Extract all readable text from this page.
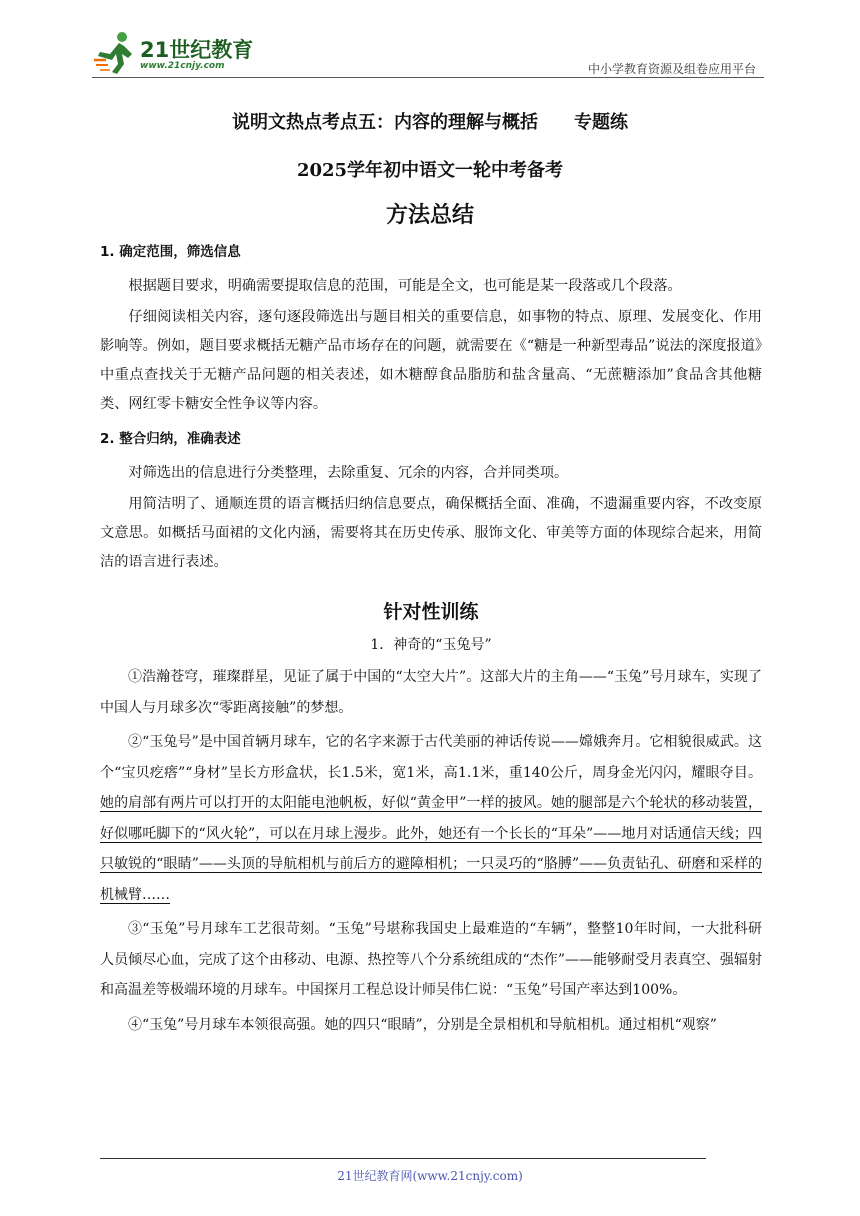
21世纪教育
www.21cnjy.com	中小学教育资源及组卷应用平台
说明文热点考点五：内容的理解与概括　　专题练
2025学年初中语文一轮中考备考
方法总结
1. 确定范围，筛选信息

根据题目要求，明确需要提取信息的范围，可能是全文，也可能是某一段落或几个段落。

仔细阅读相关内容，逐句逐段筛选出与题目相关的重要信息，如事物的特点、原理、发展变化、作用影响等。例如，题目要求概括无糖产品市场存在的问题，就需要在《“糖是一种新型毒品”说法的深度报道》中重点查找关于无糖产品问题的相关表述，如木糖醇食品脂肪和盐含量高、“无蔗糖添加”食品含其他糖类、网红零卡糖安全性争议等内容。

2. 整合归纳，准确表述

对筛选出的信息进行分类整理，去除重复、冗余的内容，合并同类项。

用简洁明了、通顺连贯的语言概括归纳信息要点，确保概括全面、准确，不遗漏重要内容，不改变原文意思。如概括马面裙的文化内涵，需要将其在历史传承、服饰文化、审美等方面的体现综合起来，用简洁的语言进行表述。

针对性训练
1．神奇的“玉兔号”

①浩瀚苍穹，璀璨群星，见证了属于中国的“太空大片”。这部大片的主角——“玉兔”号月球车，实现了中国人与月球多次“零距离接触”的梦想。

②“玉兔号”是中国首辆月球车，它的名字来源于古代美丽的神话传说——嫦娥奔月。它相貌很威武。这个“宝贝疙瘩”“身材”呈长方形盒状，长1.5米，宽1米，高1.1米，重140公斤，周身金光闪闪，耀眼夺目。她的肩部有两片可以打开的太阳能电池帆板，好似“黄金甲”一样的披风。她的腿部是六个轮状的移动装置，好似哪吒脚下的“风火轮”，可以在月球上漫步。此外，她还有一个长长的“耳朵”——地月对话通信天线；四只敏锐的“眼睛”——头顶的导航相机与前后方的避障相机；一只灵巧的“胳膊”——负责钻孔、研磨和采样的机械臂……

③“玉兔”号月球车工艺很苛刻。“玉兔”号堪称我国史上最难造的“车辆”，整整10年时间，一大批科研人员倾尽心血，完成了这个由移动、电源、热控等八个分系统组成的“杰作”——能够耐受月表真空、强辐射和高温差等极端环境的月球车。中国探月工程总设计师吴伟仁说：“玉兔”号国产率达到100%。

④“玉兔”号月球车本领很高强。她的四只“眼睛”，分别是全景相机和导航相机。通过相机“观察”

21世纪教育网(www.21cnjy.com)
